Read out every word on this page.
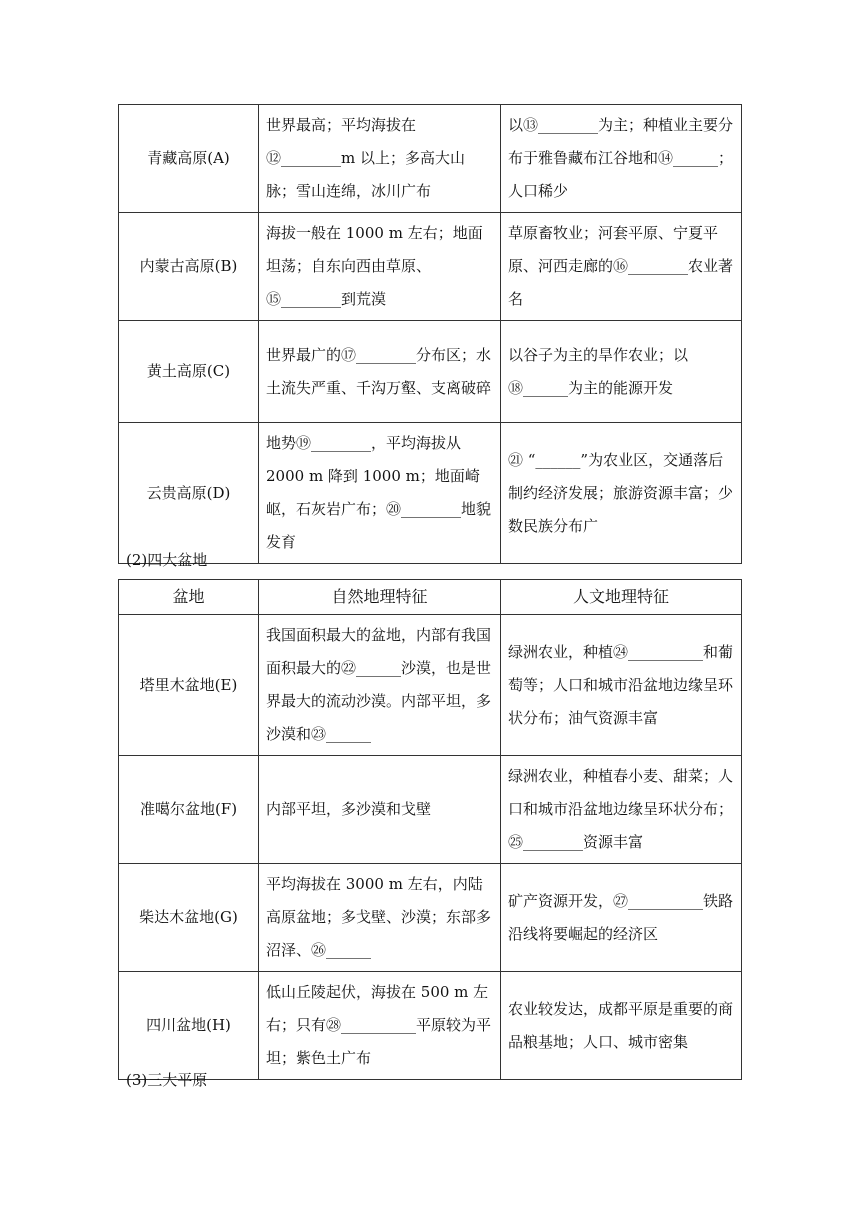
青藏高原(A)	世界最高；平均海拔在⑫________m 以上；多高大山脉；雪山连绵，冰川广布	以⑬________为主；种植业主要分布于雅鲁藏布江谷地和⑭______；人口稀少
内蒙古高原(B)	海拔一般在 1000 m 左右；地面坦荡；自东向西由草原、⑮________到荒漠	草原畜牧业；河套平原、宁夏平原、河西走廊的⑯________农业著名
黄土高原(C)	世界最广的⑰________分布区；水土流失严重、千沟万壑、支离破碎	以谷子为主的旱作农业；以⑱______为主的能源开发
云贵高原(D)	地势⑲________，平均海拔从 2000 m 降到 1000 m；地面崎岖，石灰岩广布；⑳________地貌发育	㉑ “______”为农业区，交通落后制约经济发展；旅游资源丰富；少数民族分布广
(2)四大盆地
盆地	自然地理特征	人文地理特征
塔里木盆地(E)	我国面积最大的盆地，内部有我国面积最大的㉒______沙漠，也是世界最大的流动沙漠。内部平坦，多沙漠和㉓______	绿洲农业，种植㉔__________和葡萄等；人口和城市沿盆地边缘呈环状分布；油气资源丰富
准噶尔盆地(F)	内部平坦，多沙漠和戈壁	绿洲农业，种植春小麦、甜菜；人口和城市沿盆地边缘呈环状分布；㉕________资源丰富
柴达木盆地(G)	平均海拔在 3000 m 左右，内陆高原盆地；多戈壁、沙漠；东部多沼泽、㉖______	矿产资源开发，㉗__________铁路沿线将要崛起的经济区
四川盆地(H)	低山丘陵起伏，海拔在 500 m 左右；只有㉘__________平原较为平坦；紫色土广布	农业较发达，成都平原是重要的商品粮基地；人口、城市密集
(3)三大平原
